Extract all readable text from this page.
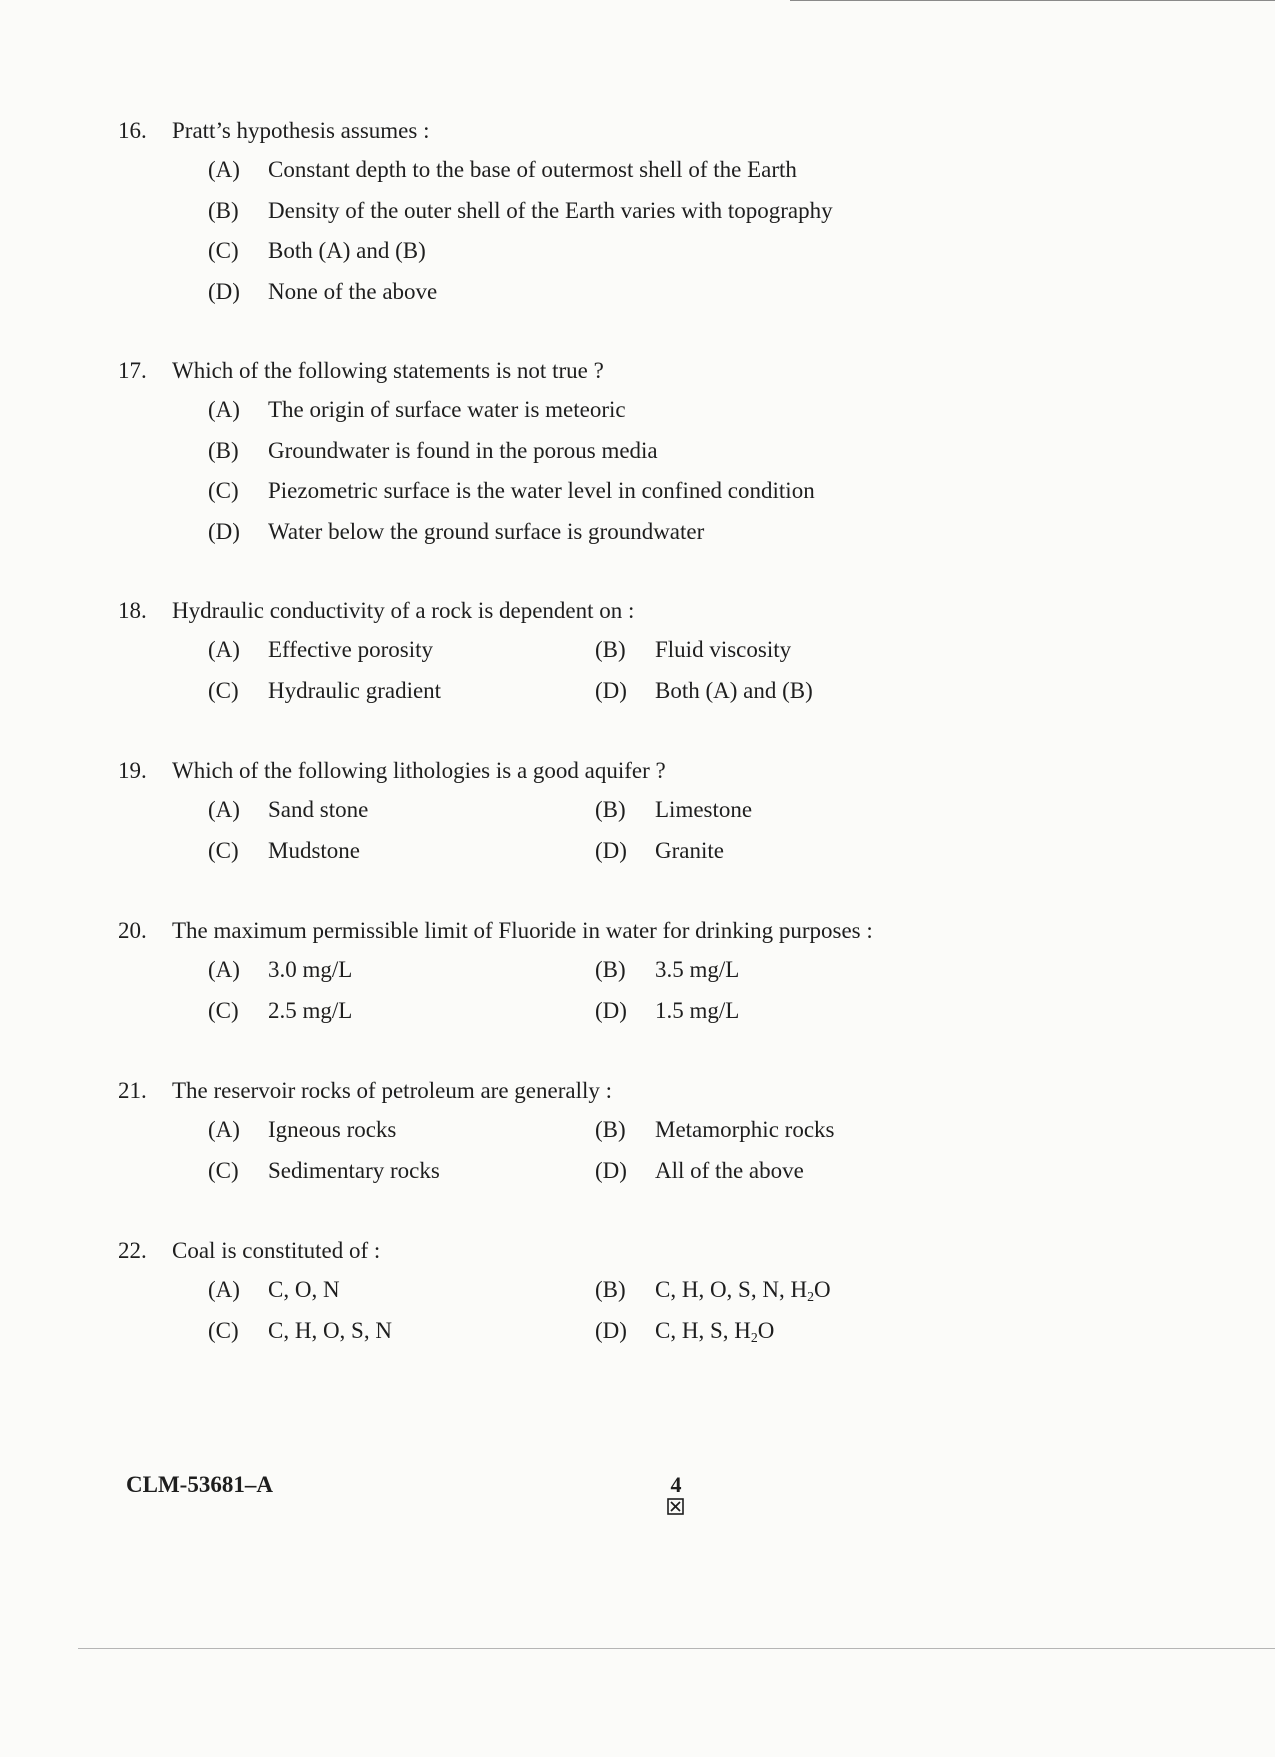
16.	Pratt’s hypothesis assumes :
(A)	Constant depth to the base of outermost shell of the Earth
(B)	Density of the outer shell of the Earth varies with topography
(C)	Both (A) and (B)
(D)	None of the above
17.	Which of the following statements is not true ?
(A)	The origin of surface water is meteoric
(B)	Groundwater is found in the porous media
(C)	Piezometric surface is the water level in confined condition
(D)	Water below the ground surface is groundwater
18.	Hydraulic conductivity of a rock is dependent on :
(A)	Effective porosity	(B)	Fluid viscosity
(C)	Hydraulic gradient	(D)	Both (A) and (B)
19.	Which of the following lithologies is a good aquifer ?
(A)	Sand stone	(B)	Limestone
(C)	Mudstone	(D)	Granite
20.	The maximum permissible limit of Fluoride in water for drinking purposes :
(A)	3.0 mg/L	(B)	3.5 mg/L
(C)	2.5 mg/L	(D)	1.5 mg/L
21.	The reservoir rocks of petroleum are generally :
(A)	Igneous rocks	(B)	Metamorphic rocks
(C)	Sedimentary rocks	(D)	All of the above
22.	Coal is constituted of :
(A)	C, O, N	(B)	C, H, O, S, N, $H_2O$
(C)	C, H, O, S, N	(D)	C, H, S, $H_2O$
CLM-53681–A	4
